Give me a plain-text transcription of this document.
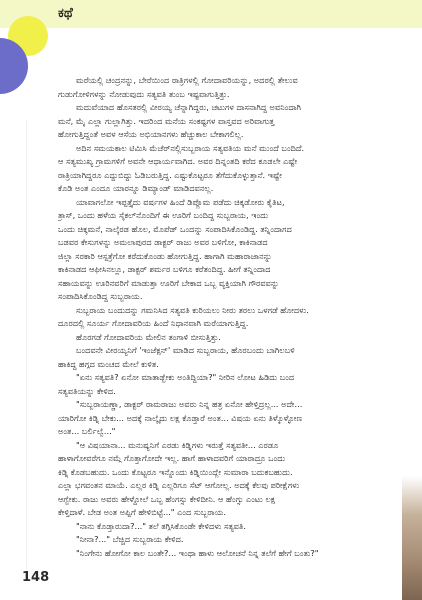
ಕಥೆ
ಮರೆಯಲ್ಲಿ ಚಂದ್ರನನ್ನು, ಬೇರೆಯಿಂದ ರಾತ್ರಿಗಳಲ್ಲಿ ಗೋದಾವರಿಯನ್ನು, ಅದರಲ್ಲಿ ತೇಲುವ
ಗುಡುಗೋಳಿಗಳನ್ನು ನೋಡುವುದು ಸತ್ಯವತಿ ತುಂಬ ಇಷ್ಟವಾಗುತ್ತಿತ್ತು.
ಮದುವೆಯಾದ ಹೊಸತರಲ್ಲಿ ವೀರಯ್ಯ ಚೆನ್ನಾಗಿದ್ದರು, ಚಟುಗಳ ದಾಸನಾಗಿದ್ದ ಅವನಿಂದಾಗಿ
ಮನೆ, ಮೈ ಎಲ್ಲಾ ಗುಲ್ಲಾಗಿತ್ತು. ಇದರಿಂದ ಮನೆಯ ಸಂಕಷ್ಟಗಳ ವಾಸ್ತವದ ಅರಿವಾಗುತ್ತ
ಹೋಗುತ್ತಿದ್ದಂತೆ ಅವಳ ಆಸೆಯ ಅಭಿಯಾನಗಳು ಹೆಚ್ಚುಕಾಲ ಬೇಕಾಗಲಿಲ್ಲ.
ಅದಿನ ಸಮಯಕಾಲ ಟಿಮಿಸಿ ಮೆಚೆರ್‌ನಲ್ಲಿಸುಬ್ಬರಾಯ ಸತ್ಯವತಿಯ ಮನೆ ಮುಂದೆ ಬಂದಿದೆ.
ಆ ಸತ್ಯಮುಖ್ಯ ಗ್ರಾಮಗಳಿಗೆ ಅವನೇ ಆಧಾರ್ಯವಾಗಿದ. ಅವರ ದಿನ್ನಂತದಿ ಕರೆದ ಕೂಡಲೇ ಎಷ್ಟೇ
ರಾತ್ರಿಯಾಗಿದ್ದರೂ ಎದ್ದುಬಿದ್ದು ಓಡಿಬರುತ್ತಿದ್ದ. ಎಷ್ಟುಕೊಟ್ಟರೂ ತೆಗೆದುಕೊಳ್ಳುತ್ತಾನೆ. ಇಷ್ಟೇ
ಕೊಡಿ ಅಂತ ಎಂದೂ ಯಾರನ್ನೂ ಡಿಮ್ಯಾಂಡ್ ಮಾಡಿದವನಲ್ಲ.
ಯಾವಾಗಲೋ ಇಪ್ಪತ್ತೈದು ವರ್ಷಗಳ ಹಿಂದೆ ಡಿಪ್ಲೊಮ ಪಡೆದು ಚಿಕ್ಕಡೋರು ಕೈತಿಟ,
ತ್ರಾಸ್‌, ಒಂದು ಹಳೆಯ ಸೈಕಲ್‌ನೊಂದಿಗೆ ಈ ಊರಿಗೆ ಬಂದಿದ್ದ ಸುಬ್ಬರಾಯ, ಇಂದು
ಒಂದು ಚಿಕ್ಕಮನೆ, ನಾಲ್ಕೆರಡ ಹೊಲ, ಮೊಪೆಡ್‌ ಒಂದನ್ನು ಸಂಪಾದಿಸಿಕೊಂಡಿದ್ದ. ತನ್ನಿಂದಾಗದ
ಬಡವರ ಕೇಸುಗಳನ್ನು ಅಮಲಾಪುರದ ಡಾಕ್ಟರ್‌ ರಾಜು ಅವರ ಬಳಿಗೋ, ಕಾಕಿನಾಡದ
ಜಿಲ್ಲಾ ಸರಕಾರಿ ಆಸ್ಪತ್ರೆಗೋ ಕರೆದುಕೊಂಡು ಹೋಗುತ್ತಿದ್ದ. ಹಾಗಾಗಿ ಮಹಾರಾಜಾನನ್ನು
ಕಾಕಿನಾಡದ ಆಫೀಸಿನಲ್ಲೂ, ಡಾಕ್ಟರ್‌ ಶರ್ಮರ ಬಳಿಗೂ ಕರೆತಂದಿದ್ದ. ಹೀಗೆ ತನ್ನಿಂದಾದ
ಸಹಾಯವನ್ನು ಊರಿನವರಿಗೆ ಮಾಡುತ್ತಾ ಊರಿಗೆ ಬೇಕಾದ ಒಬ್ಬ ವ್ಯಕ್ತಿಯಾಗಿ ಗೌರವವನ್ನು
ಸಂಪಾದಿಸಿಕೊಂಡಿದ್ದ ಸುಬ್ಬರಾಯ.
ಸುಬ್ಬರಾಯ ಬಂದುದನ್ನು ಗಮನಿಸಿದ ಸತ್ಯವತಿ ಕುರಿಯಲು ನೀರು ತರಲು ಒಳಗಡೆ ಹೋದಳು.
ದೂರದಲ್ಲಿ ಸೂರ್ಯ ಗೋದಾವರಿಯ ಹಿಂದೆ ನಿಧಾನವಾಗಿ ಮರೆಯಾಗುತ್ತಿದ್ದ.
ಹೊರಗಡೆ ಗೋದಾವರಿಯ ಮೇಲಿನ ತಂಗಾಳಿ ಬೀಸುತ್ತಿತ್ತು.
ಬಂದವನೇ ವೀರಯ್ಯನಿಗೆ 'ಇಂಜೆಕ್ಷನ್' ಮಾಡಿದ ಸುಬ್ಬರಾಯ, ಹೊರಬಂದು ಬಾಗಿಲಬಳಿ
ಹಾಕಿದ್ದ ಹಗ್ಗದ ಮಂಚದ ಮೇಲೆ ಕುಳಿತ.
"ಏನು ಸತ್ಯವತಿ? ಏನೋ ಮಾತಾಡ್ಬೇಕು ಅಂತಿದ್ದಿಯಾ?" ನೀರಿನ ಲೋಟ ಹಿಡಿದು ಬಂದ
ಸತ್ಯವತಿಯನ್ನು ಕೇಳಿದ.
"ಸುಬ್ಬರಾಯಣ್ಣಾ, ಡಾಕ್ಟರ್‌ ರಾಮರಾಜು ಅವರು ನಿನ್ನ ಹತ್ರ ಏನೋ ಹೇಳ್ತಿದ್ರಲ್ಲ... ಅದೇ...
ಯಾರಿಗೋ ಕಿಡ್ನಿ ಬೇಕು... ಅದಕ್ಕೆ ನಾಲ್ಕೈದು ಲಕ್ಷ ಕೊಡ್ತಾರೆ ಅಂತ... ವಿಷಯ ಏನು ತಿಳ್ಕೊಳ್ಳೋಣ
ಅಂತ... ಬರ್ಲಿಲ್ವೆ..."
"ಆ ವಿಷಯಾನಾ... ಮನುಷ್ಯನಿಗೆ ಎರಡು ಕಿಡ್ನಿಗಳು ಇರುತ್ತೆ ಸತ್ಯವತೀ... ಎರಡೂ
ಹಾಳಾಗೋವರೆಗೂ ನಮ್ಗೆ ಗೊತ್ತಾಗೋದೇ ಇಲ್ಲ. ಹಾಗೆ ಹಾಳಾದವರಿಗೆ ಯಾರಾದ್ರೂ ಒಂದು
ಕಿಡ್ನಿ ಕೊಡಬಹುದು. ಒಂದು ಕೊಟ್ಟರೂ ಇನ್ನೊಂದು ಕಿಡ್ನಿಯಿಂದ್ಲೇ ಸುಮಾರಾ ಬದುಕಬಹುದು.
ಎಲ್ಲಾ ಭಗವಂತನ ಮಾಯೆ. ಎಲ್ಲರ ಕಿಡ್ನಿ ಎಲ್ಲರಿಗೂ ಸೆಟ್‌ ಆಗೋಲ್ಲ. ಅದಕ್ಕೆ ಕೆಲವು ಪರೀಕ್ಷೆಗಳು
ಆಗ್ಬೇಕು. ರಾಜು ಅವರು ಹೇಳ್ದೋಲೆ ಒಬ್ಬ ಹೆಂಗಸ್ಸು ಕೇಳಿದೀನಿ. ಆ ಹೆಂಗ್ಸು ಎಂಟು ಲಕ್ಷ
ಕೇಳ್ತಿದಾಳೆ. ಬೇಡ ಅಂತ ಅಪ್ಪಿಗೆ ಹೇಳಿಬಿಟ್ಟೆ..." ಎಂದ ಸುಬ್ಬರಾಯ.
"ನಾನು ಕೊಡ್ತಾರುದಾ?..." ತಲೆ ತಗ್ಗಿಸಿಕೊಂಡೇ ಕೇಳಿದಳು ಸತ್ಯವತಿ.
"ನೀನಾ?..." ಬೆಚ್ಚಿದ ಸುಬ್ಬರಾಯ ಕೇಳಿದ.
"ನಿಂಗೇನು ಹೋಗೋ ಕಾಲ ಬಂತೇ?... ಇಂಥಾ ಹಾಳು ಆಲೋಚನೆ ನಿನ್ನ ತಲೆಗೆ ಹೇಗೆ ಬಂತು?"
148
